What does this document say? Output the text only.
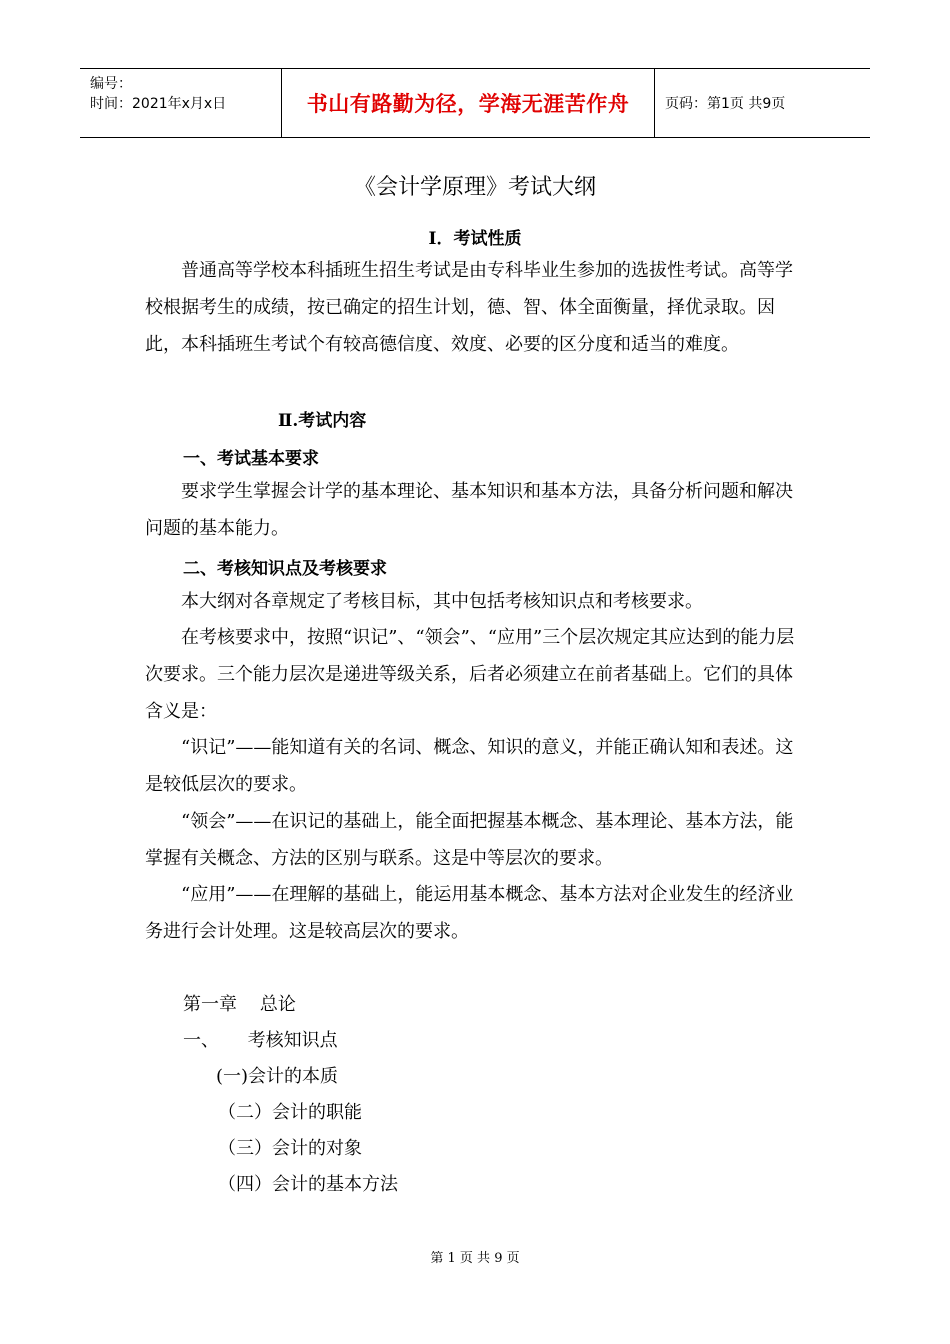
编号：
时间：2021年x月x日	书山有路勤为径，学海无涯苦作舟	页码：第1页 共9页
《会计学原理》考试大纲
Ⅰ．考试性质

普通高等学校本科插班生招生考试是由专科毕业生参加的选拔性考试。高等学校根据考生的成绩，按已确定的招生计划，德、智、体全面衡量，择优录取。因此，本科插班生考试个有较高德信度、效度、必要的区分度和适当的难度。

Ⅱ.考试内容
一、考试基本要求

要求学生掌握会计学的基本理论、基本知识和基本方法，具备分析问题和解决问题的基本能力。

二、考核知识点及考核要求

本大纲对各章规定了考核目标，其中包括考核知识点和考核要求。

在考核要求中，按照“识记”、“领会”、“应用”三个层次规定其应达到的能力层次要求。三个能力层次是递进等级关系，后者必须建立在前者基础上。它们的具体含义是：

“识记”——能知道有关的名词、概念、知识的意义，并能正确认知和表述。这是较低层次的要求。

“领会”——在识记的基础上，能全面把握基本概念、基本理论、基本方法，能掌握有关概念、方法的区别与联系。这是中等层次的要求。

“应用”——在理解的基础上，能运用基本概念、基本方法对企业发生的经济业务进行会计处理。这是较高层次的要求。

第一章    总论
一、     考核知识点
(一)会计的本质
（二）会计的职能
（三）会计的对象
（四）会计的基本方法
第 1 页 共 9 页
